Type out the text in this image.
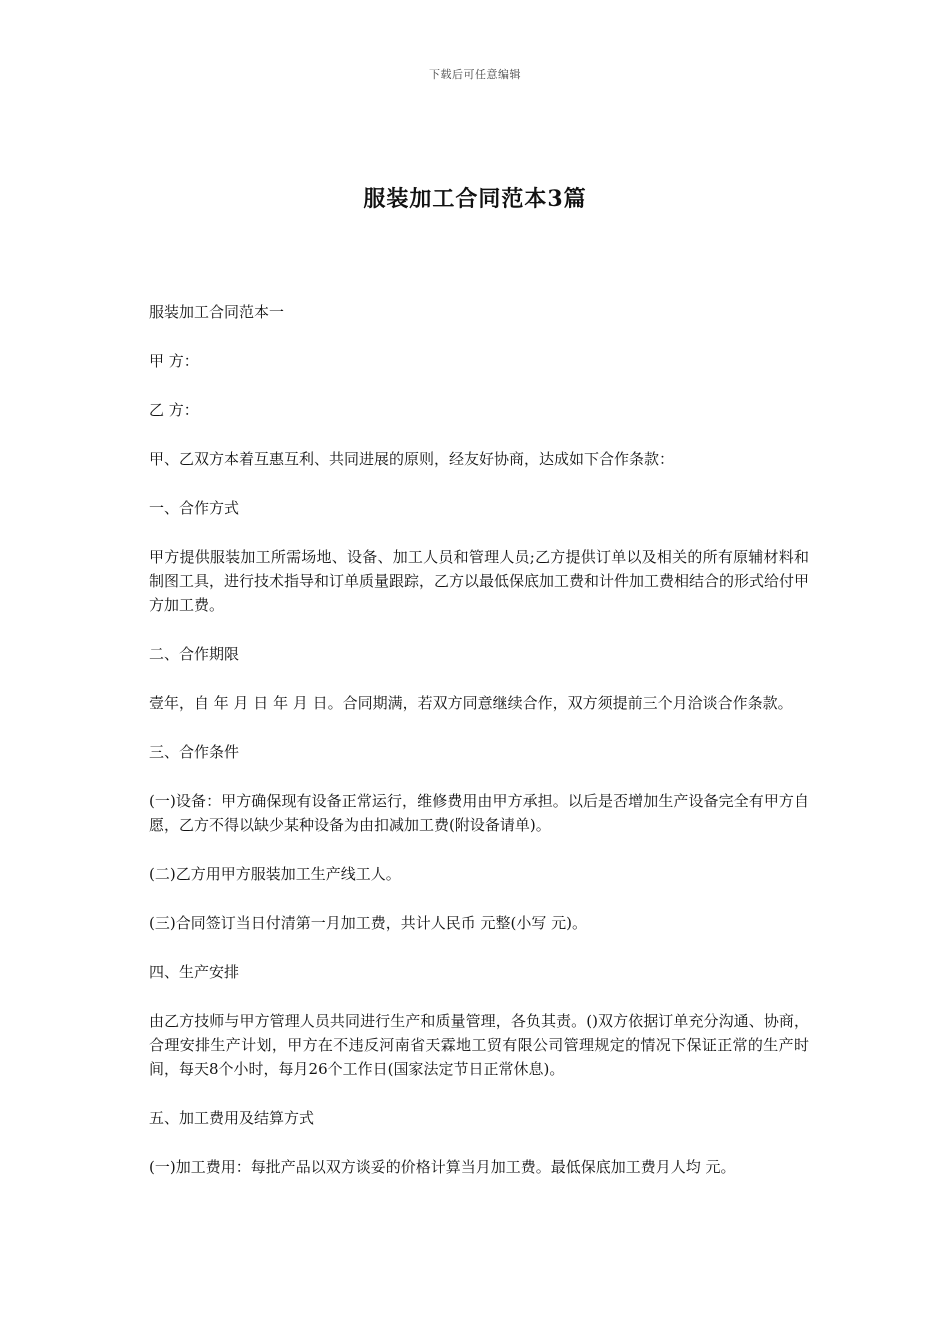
下载后可任意编辑
服装加工合同范本3篇

服装加工合同范本一

甲 方：

乙 方：

甲、乙双方本着互惠互利、共同进展的原则，经友好协商，达成如下合作条款：

一、合作方式

甲方提供服装加工所需场地、设备、加工人员和管理人员;乙方提供订单以及相关的所有原辅材料和制图工具，进行技术指导和订单质量跟踪，乙方以最低保底加工费和计件加工费相结合的形式给付甲方加工费。

二、合作期限

壹年，自 年 月 日 年 月 日。合同期满，若双方同意继续合作，双方须提前三个月洽谈合作条款。

三、合作条件

(一)设备：甲方确保现有设备正常运行，维修费用由甲方承担。以后是否增加生产设备完全有甲方自愿，乙方不得以缺少某种设备为由扣减加工费(附设备请单)。

(二)乙方用甲方服装加工生产线工人。

(三)合同签订当日付清第一月加工费，共计人民币 元整(小写 元)。

四、生产安排

由乙方技师与甲方管理人员共同进行生产和质量管理，各负其责。()双方依据订单充分沟通、协商，合理安排生产计划，甲方在不违反河南省天霖地工贸有限公司管理规定的情况下保证正常的生产时间，每天8个小时，每月26个工作日(国家法定节日正常休息)。

五、加工费用及结算方式

(一)加工费用：每批产品以双方谈妥的价格计算当月加工费。最低保底加工费月人均 元。
